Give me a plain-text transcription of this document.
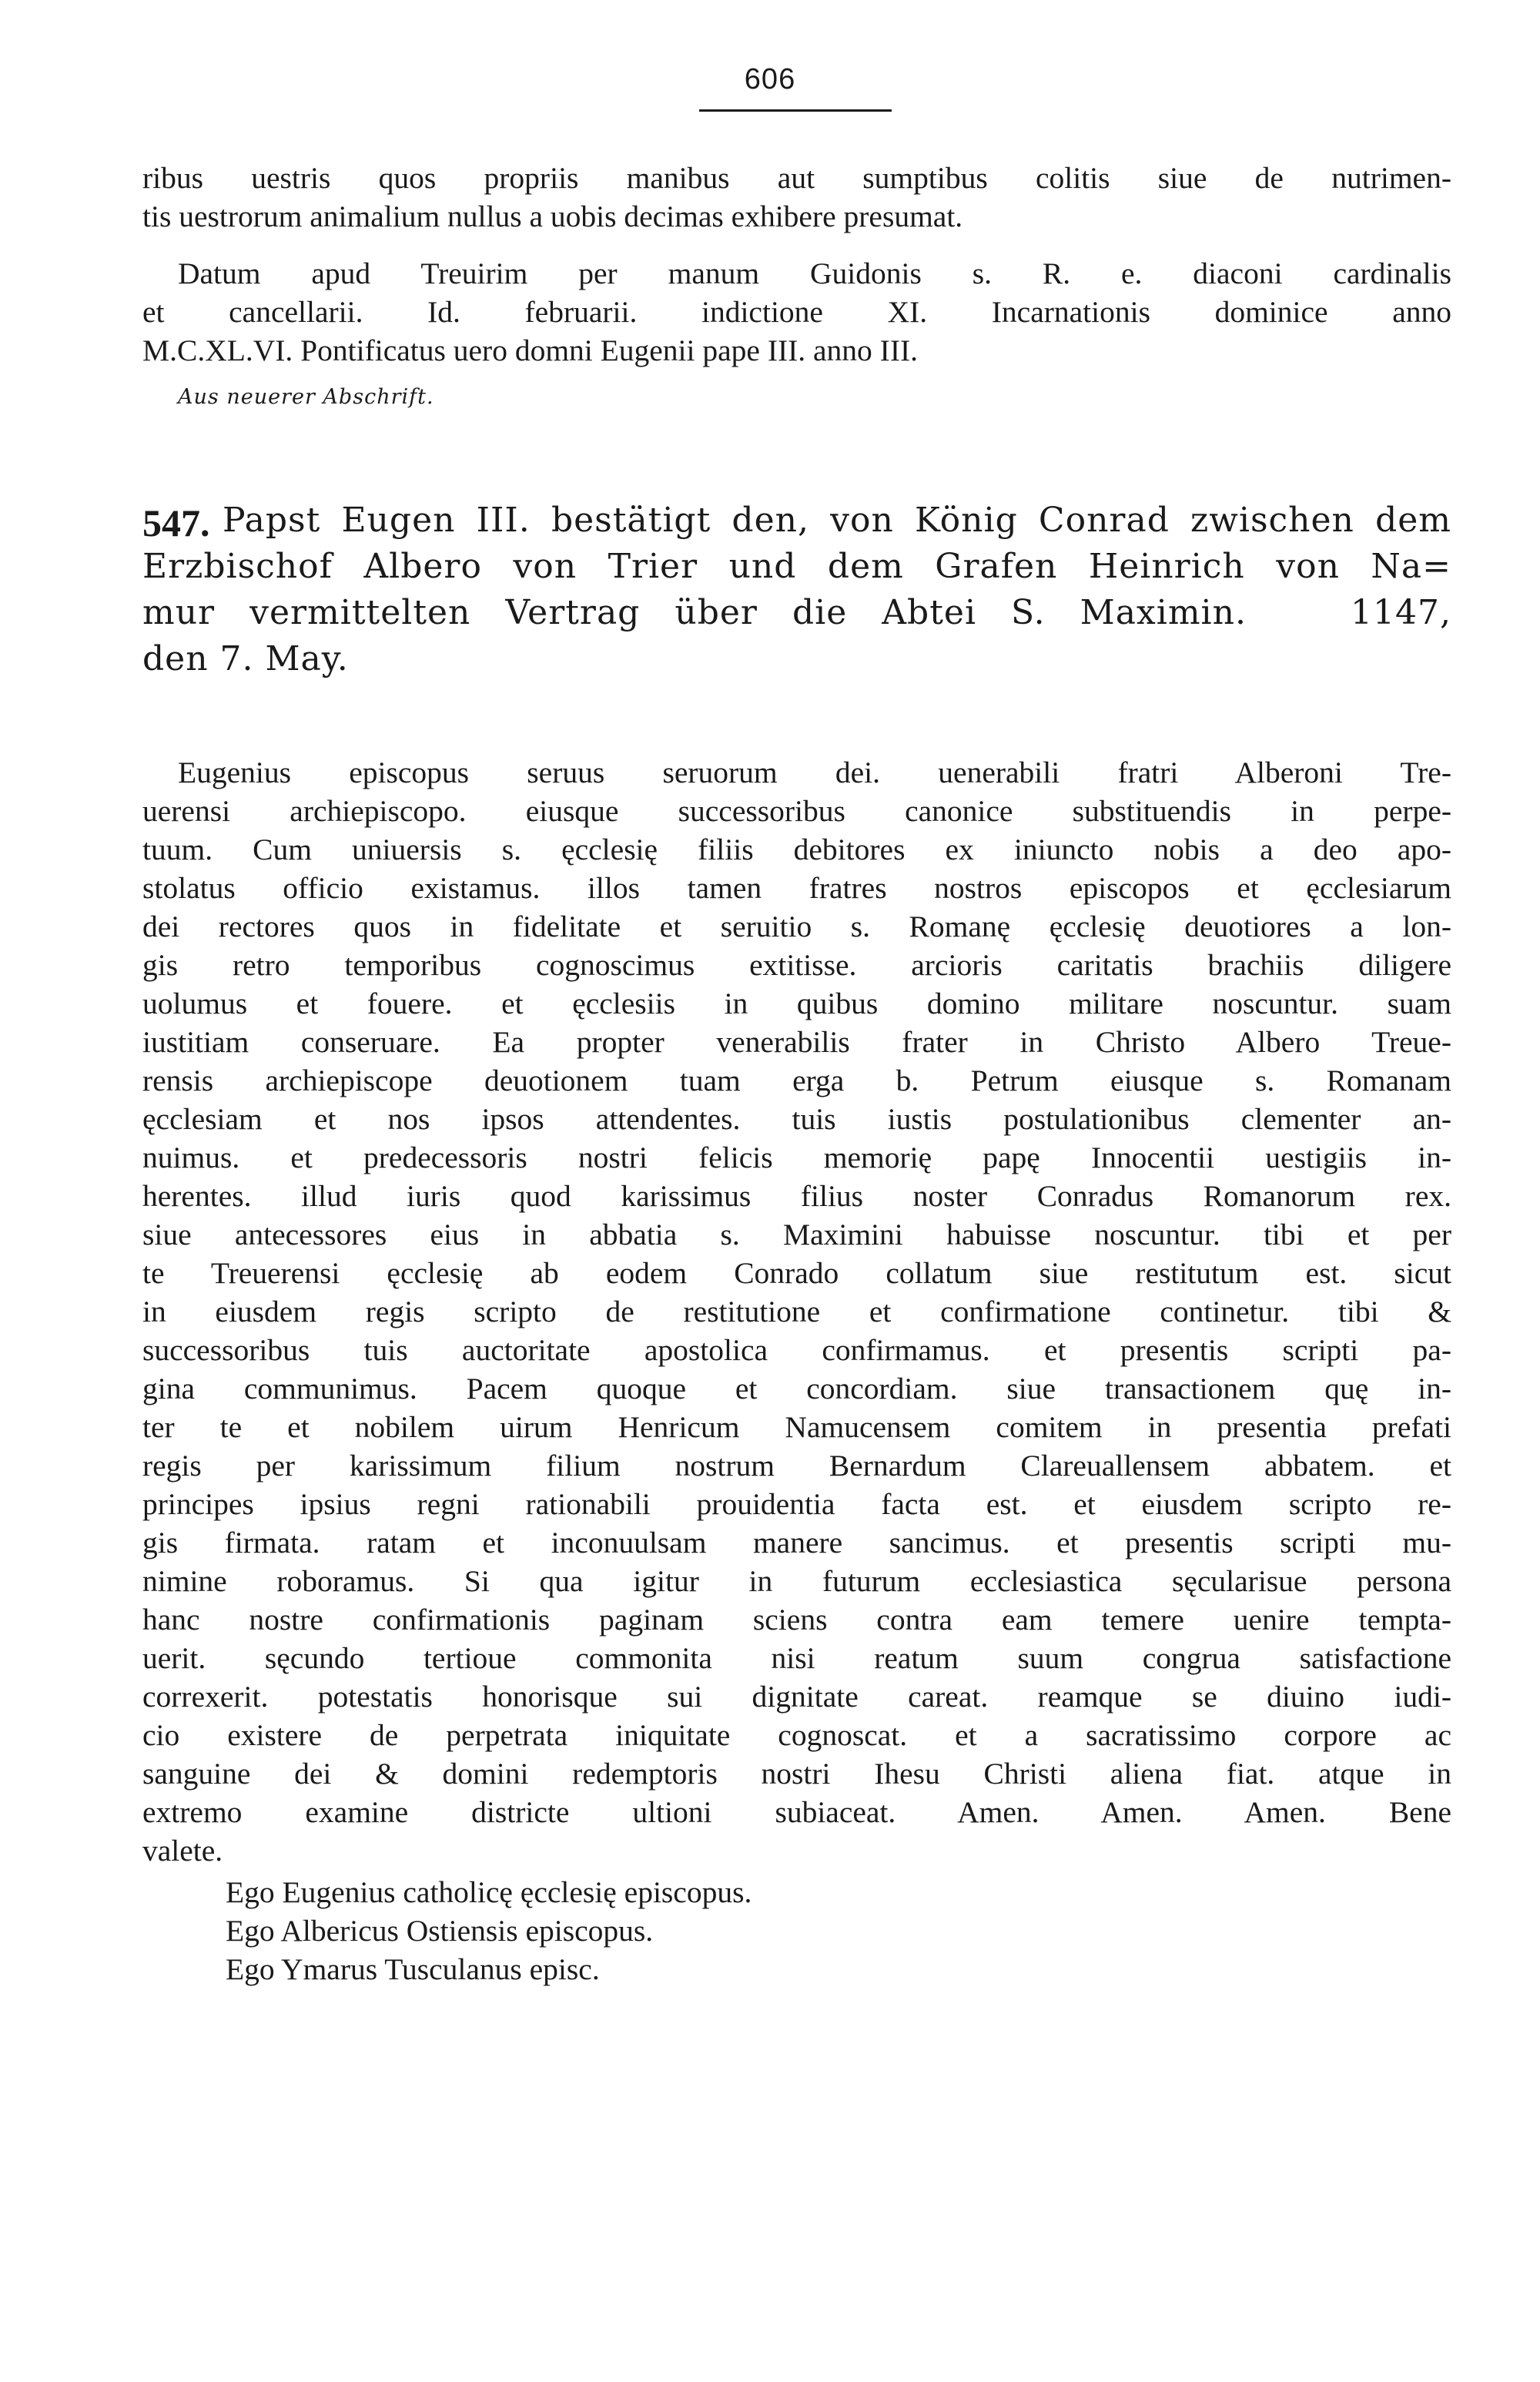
606
ribus uestris quos propriis manibus aut sumptibus colitis siue de nutrimen-
tis uestrorum animalium nullus a uobis decimas exhibere presumat.
Datum apud Treuirim per manum Guidonis s. R. e. diaconi cardinalis
et cancellarii. Id. februarii. indictione XI. Incarnationis dominice anno
M.C.XL.VI. Pontificatus uero domni Eugenii pape III. anno III.
Aus neuerer Abschrift.
547. Papst Eugen III. bestätigt den, von König Conrad zwischen dem
Erzbischof Albero von Trier und dem Grafen Heinrich von Na=
mur vermittelten Vertrag über die Abtei S. Maximin.   1147,
den 7. May.
Eugenius episcopus seruus seruorum dei. uenerabili fratri Alberoni Tre-
uerensi archiepiscopo. eiusque successoribus canonice substituendis in perpe-
tuum. Cum uniuersis s. ęcclesię filiis debitores ex iniuncto nobis a deo apo-
stolatus officio existamus. illos tamen fratres nostros episcopos et ęcclesiarum
dei rectores quos in fidelitate et seruitio s. Romanę ęcclesię deuotiores a lon-
gis retro temporibus cognoscimus extitisse. arcioris caritatis brachiis diligere
uolumus et fouere. et ęcclesiis in quibus domino militare noscuntur. suam
iustitiam conseruare. Ea propter venerabilis frater in Christo Albero Treue-
rensis archiepiscope deuotionem tuam erga b. Petrum eiusque s. Romanam
ęcclesiam et nos ipsos attendentes. tuis iustis postulationibus clementer an-
nuimus. et predecessoris nostri felicis memorię papę Innocentii uestigiis in-
herentes. illud iuris quod karissimus filius noster Conradus Romanorum rex.
siue antecessores eius in abbatia s. Maximini habuisse noscuntur. tibi et per
te Treuerensi ęcclesię ab eodem Conrado collatum siue restitutum est. sicut
in eiusdem regis scripto de restitutione et confirmatione continetur. tibi &
successoribus tuis auctoritate apostolica confirmamus. et presentis scripti pa-
gina communimus. Pacem quoque et concordiam. siue transactionem quę in-
ter te et nobilem uirum Henricum Namucensem comitem in presentia prefati
regis per karissimum filium nostrum Bernardum Clareuallensem abbatem. et
principes ipsius regni rationabili prouidentia facta est. et eiusdem scripto re-
gis firmata. ratam et inconuulsam manere sancimus. et presentis scripti mu-
nimine roboramus. Si qua igitur in futurum ecclesiastica sęcularisue persona
hanc nostre confirmationis paginam sciens contra eam temere uenire tempta-
uerit. sęcundo tertioue commonita nisi reatum suum congrua satisfactione
correxerit. potestatis honorisque sui dignitate careat. reamque se diuino iudi-
cio existere de perpetrata iniquitate cognoscat. et a sacratissimo corpore ac
sanguine dei & domini redemptoris nostri Ihesu Christi aliena fiat. atque in
extremo examine districte ultioni subiaceat. Amen. Amen. Amen. Bene
valete.
Ego Eugenius catholicę ęcclesię episcopus.
Ego Albericus Ostiensis episcopus.
Ego Ymarus Tusculanus episc.
